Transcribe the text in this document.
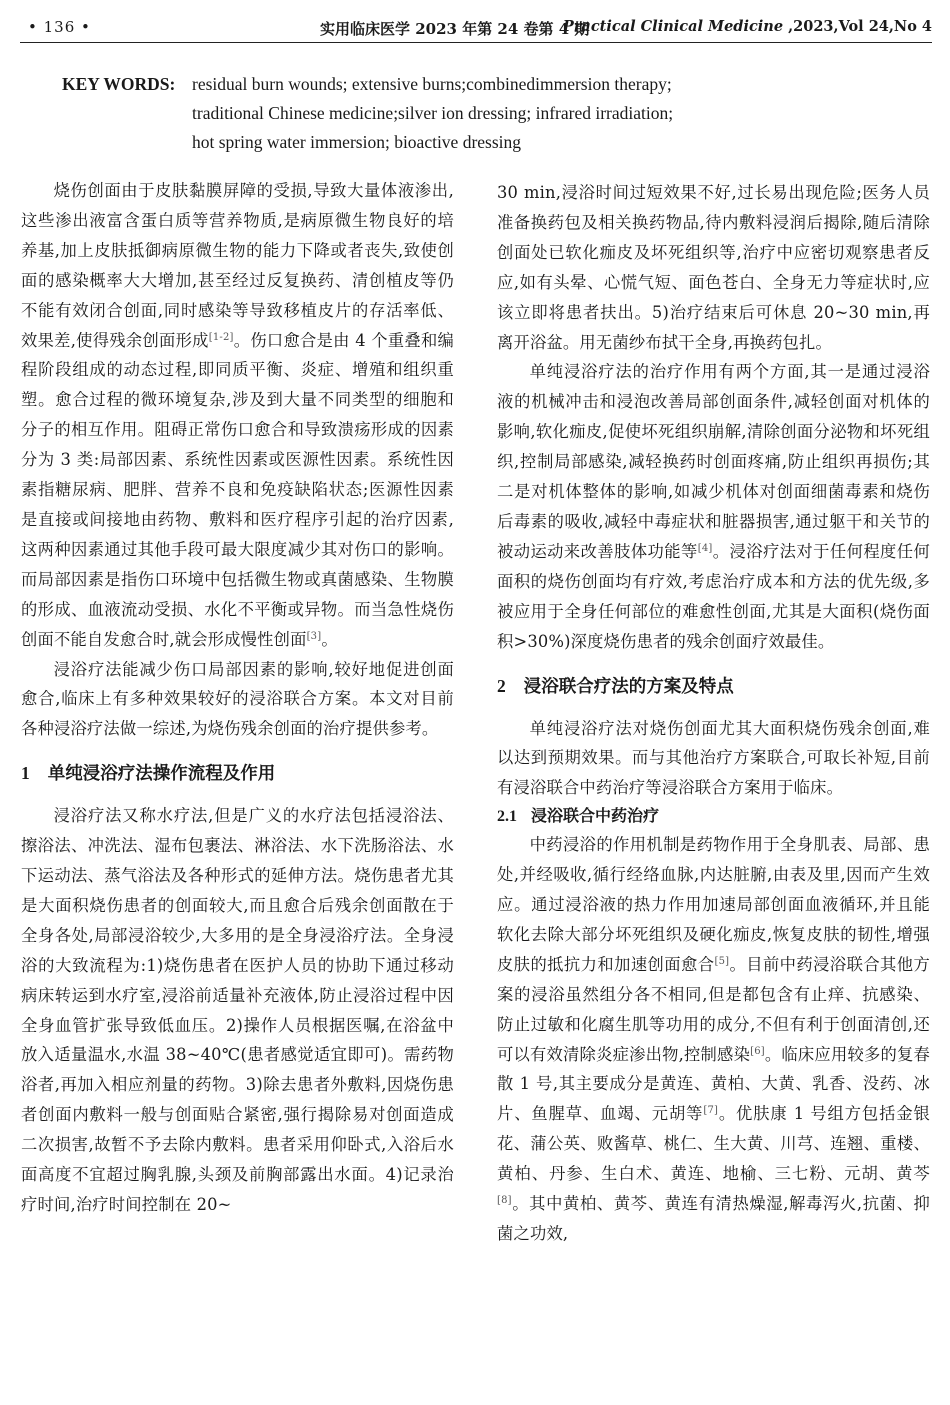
• 136 •	实用临床医学 2023 年第 24 卷第 4 期
Practical Clinical Medicine ,2023,Vol 24,No 4
KEY WORDS: residual burn wounds; extensive burns;combinedimmersion therapy;
traditional Chinese medicine;silver ion dressing; infrared irradiation;
hot spring water immersion; bioactive dressing

烧伤创面由于皮肤黏膜屏障的受损,导致大量体液渗出,这些渗出液富含蛋白质等营养物质,是病原微生物良好的培养基,加上皮肤抵御病原微生物的能力下降或者丧失,致使创面的感染概率大大增加,甚至经过反复换药、清创植皮等仍不能有效闭合创面,同时感染等导致移植皮片的存活率低、效果差,使得残余创面形成[1-2]。伤口愈合是由 4 个重叠和编程阶段组成的动态过程,即同质平衡、炎症、增殖和组织重塑。愈合过程的微环境复杂,涉及到大量不同类型的细胞和分子的相互作用。阻碍正常伤口愈合和导致溃疡形成的因素分为 3 类:局部因素、系统性因素或医源性因素。系统性因素指糖尿病、肥胖、营养不良和免疫缺陷状态;医源性因素是直接或间接地由药物、敷料和医疗程序引起的治疗因素,这两种因素通过其他手段可最大限度减少其对伤口的影响。而局部因素是指伤口环境中包括微生物或真菌感染、生物膜的形成、血液流动受损、水化不平衡或异物。而当急性烧伤创面不能自发愈合时,就会形成慢性创面[3]。

浸浴疗法能减少伤口局部因素的影响,较好地促进创面愈合,临床上有多种效果较好的浸浴联合方案。本文对目前各种浸浴疗法做一综述,为烧伤残余创面的治疗提供参考。

1 单纯浸浴疗法操作流程及作用

浸浴疗法又称水疗法,但是广义的水疗法包括浸浴法、擦浴法、冲洗法、湿布包裹法、淋浴法、水下洗肠浴法、水下运动法、蒸气浴法及各种形式的延伸方法。烧伤患者尤其是大面积烧伤患者的创面较大,而且愈合后残余创面散在于全身各处,局部浸浴较少,大多用的是全身浸浴疗法。全身浸浴的大致流程为:1)烧伤患者在医护人员的协助下通过移动病床转运到水疗室,浸浴前适量补充液体,防止浸浴过程中因全身血管扩张导致低血压。2)操作人员根据医嘱,在浴盆中放入适量温水,水温 38~40℃(患者感觉适宜即可)。需药物浴者,再加入相应剂量的药物。3)除去患者外敷料,因烧伤患者创面内敷料一般与创面贴合紧密,强行揭除易对创面造成二次损害,故暂不予去除内敷料。患者采用仰卧式,入浴后水面高度不宜超过胸乳腺,头颈及前胸部露出水面。4)记录治疗时间,治疗时间控制在 20~

30 min,浸浴时间过短效果不好,过长易出现危险;医务人员准备换药包及相关换药物品,待内敷料浸润后揭除,随后清除创面处已软化痂皮及坏死组织等,治疗中应密切观察患者反应,如有头晕、心慌气短、面色苍白、全身无力等症状时,应该立即将患者扶出。5)治疗结束后可休息 20~30 min,再离开浴盆。用无菌纱布拭干全身,再换药包扎。

单纯浸浴疗法的治疗作用有两个方面,其一是通过浸浴液的机械冲击和浸泡改善局部创面条件,减轻创面对机体的影响,软化痂皮,促使坏死组织崩解,清除创面分泌物和坏死组织,控制局部感染,减轻换药时创面疼痛,防止组织再损伤;其二是对机体整体的影响,如减少机体对创面细菌毒素和烧伤后毒素的吸收,减轻中毒症状和脏器损害,通过躯干和关节的被动运动来改善肢体功能等[4]。浸浴疗法对于任何程度任何面积的烧伤创面均有疗效,考虑治疗成本和方法的优先级,多被应用于全身任何部位的难愈性创面,尤其是大面积(烧伤面积>30%)深度烧伤患者的残余创面疗效最佳。

2 浸浴联合疗法的方案及特点

单纯浸浴疗法对烧伤创面尤其大面积烧伤残余创面,难以达到预期效果。而与其他治疗方案联合,可取长补短,目前有浸浴联合中药治疗等浸浴联合方案用于临床。

2.1 浸浴联合中药治疗

中药浸浴的作用机制是药物作用于全身肌表、局部、患处,并经吸收,循行经络血脉,内达脏腑,由表及里,因而产生效应。通过浸浴液的热力作用加速局部创面血液循环,并且能软化去除大部分坏死组织及硬化痂皮,恢复皮肤的韧性,增强皮肤的抵抗力和加速创面愈合[5]。目前中药浸浴联合其他方案的浸浴虽然组分各不相同,但是都包含有止痒、抗感染、防止过敏和化腐生肌等功用的成分,不但有利于创面清创,还可以有效清除炎症渗出物,控制感染[6]。临床应用较多的复春散 1 号,其主要成分是黄连、黄柏、大黄、乳香、没药、冰片、鱼腥草、血竭、元胡等[7]。优肤康 1 号组方包括金银花、蒲公英、败酱草、桃仁、生大黄、川芎、连翘、重楼、黄柏、丹参、生白术、黄连、地榆、三七粉、元胡、黄芩[8]。其中黄柏、黄芩、黄连有清热燥湿,解毒泻火,抗菌、抑菌之功效,
